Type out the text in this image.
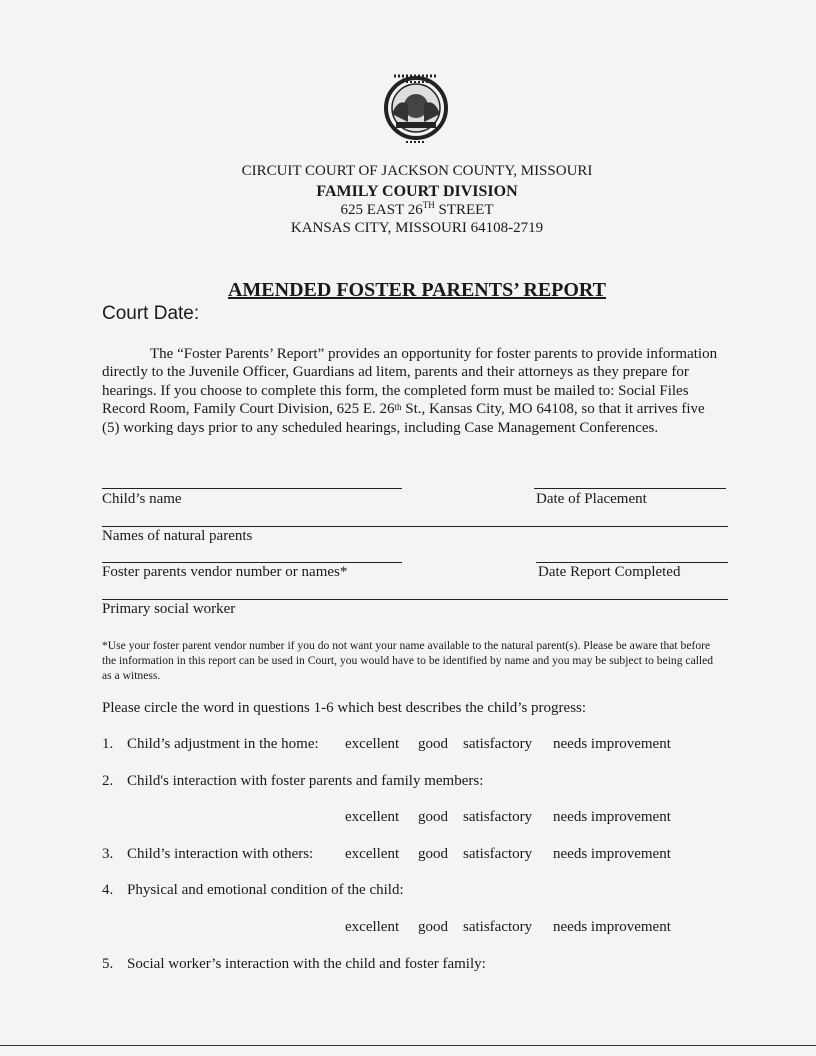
CIRCUIT COURT OF JACKSON COUNTY, MISSOURI
FAMILY COURT DIVISION
625 EAST 26TH STREET
KANSAS CITY, MISSOURI 64108-2719
AMENDED FOSTER PARENTS’ REPORT
Court Date:
The “Foster Parents’ Report” provides an opportunity for foster parents to provide information directly to the Juvenile Officer, Guardians ad litem, parents and their attorneys as they prepare for hearings. If you choose to complete this form, the completed form must be mailed to: Social Files Record Room, Family Court Division, 625 E. 26th St., Kansas City, MO 64108, so that it arrives five (5) working days prior to any scheduled hearings, including Case Management Conferences.
Child’s name	Date of Placement
Names of natural parents
Foster parents vendor number or names*	Date Report Completed
Primary social worker
*Use your foster parent vendor number if you do not want your name available to the natural parent(s). Please be aware that before the information in this report can be used in Court, you would have to be identified by name and you may be subject to being called as a witness.
Please circle the word in questions 1-6 which best describes the child’s progress:
1. Child’s adjustment in the home: excellent good satisfactory needs improvement
2. Child's interaction with foster parents and family members:
excellent good satisfactory needs improvement
3. Child’s interaction with others: excellent good satisfactory needs improvement
4. Physical and emotional condition of the child:
excellent good satisfactory needs improvement
5. Social worker’s interaction with the child and foster family:
